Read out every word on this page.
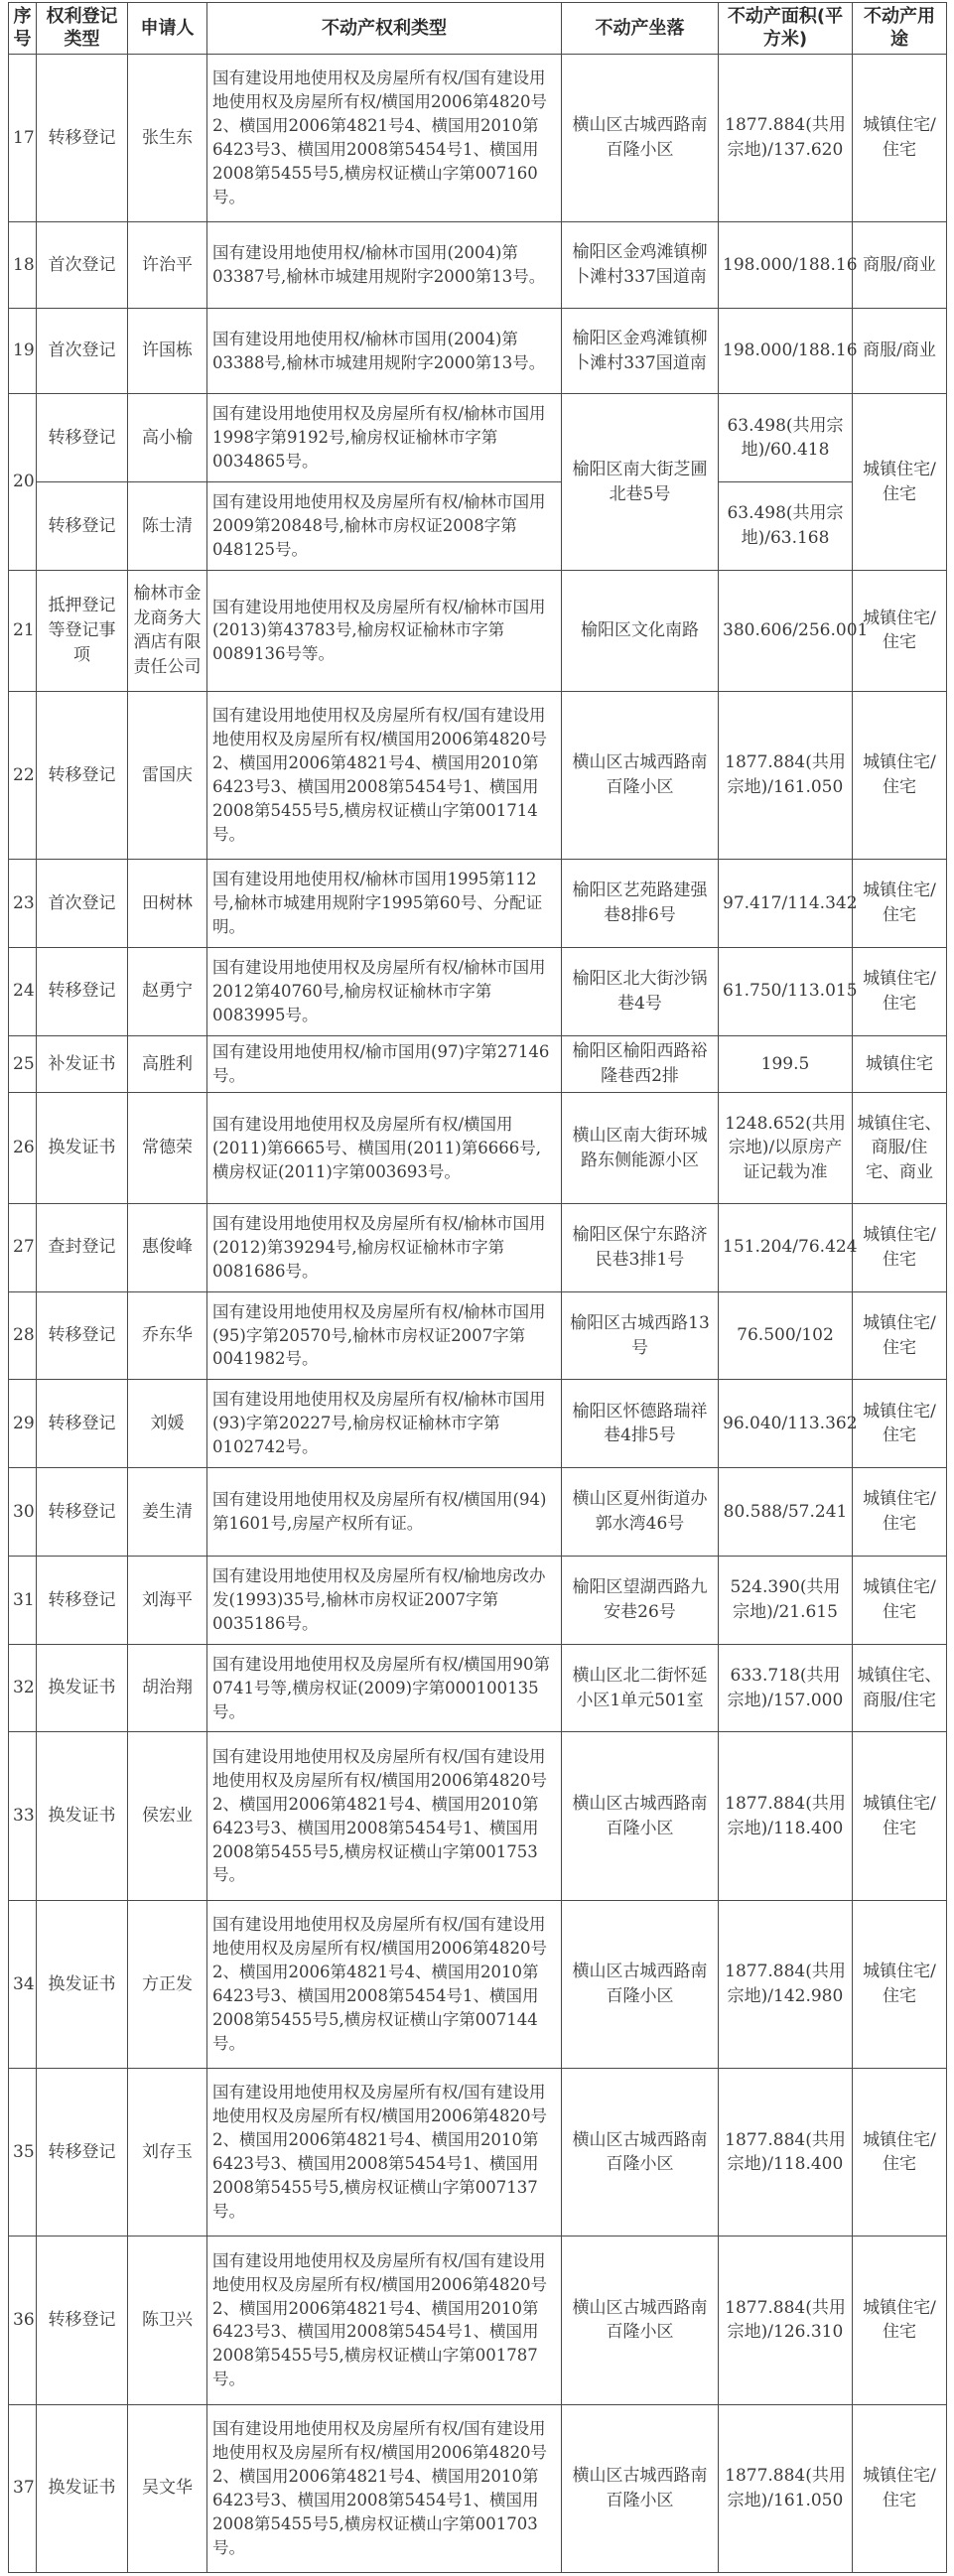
序号	权利登记类型	申请人	不动产权利类型	不动产坐落	不动产面积(平方米)	不动产用途
17	转移登记	张生东	国有建设用地使用权及房屋所有权/国有建设用地使用权及房屋所有权/横国用2006第4820号2、横国用2006第4821号4、横国用2010第6423号3、横国用2008第5454号1、横国用2008第5455号5,横房权证横山字第007160号。	横山区古城西路南百隆小区	1877.884(共用宗地)/137.620	城镇住宅/住宅
18	首次登记	许治平	国有建设用地使用权/榆林市国用(2004)第03387号,榆林市城建用规附字2000第13号。	榆阳区金鸡滩镇柳卜滩村337国道南	198.000/188.16	商服/商业
19	首次登记	许国栋	国有建设用地使用权/榆林市国用(2004)第03388号,榆林市城建用规附字2000第13号。	榆阳区金鸡滩镇柳卜滩村337国道南	198.000/188.16	商服/商业
20	转移登记	高小榆	国有建设用地使用权及房屋所有权/榆林市国用1998字第9192号,榆房权证榆林市字第0034865号。	榆阳区南大街芝圃北巷5号	63.498(共用宗地)/60.418	城镇住宅/住宅
	转移登记	陈士清	国有建设用地使用权及房屋所有权/榆林市国用2009第20848号,榆林市房权证2008字第048125号。		63.498(共用宗地)/63.168	
21	抵押登记等登记事项	榆林市金龙商务大酒店有限责任公司	国有建设用地使用权及房屋所有权/榆林市国用(2013)第43783号,榆房权证榆林市字第0089136号等。	榆阳区文化南路	380.606/256.001	城镇住宅/住宅
22	转移登记	雷国庆	国有建设用地使用权及房屋所有权/国有建设用地使用权及房屋所有权/横国用2006第4820号2、横国用2006第4821号4、横国用2010第6423号3、横国用2008第5454号1、横国用2008第5455号5,横房权证横山字第001714号。	横山区古城西路南百隆小区	1877.884(共用宗地)/161.050	城镇住宅/住宅
23	首次登记	田树林	国有建设用地使用权/榆林市国用1995第112号,榆林市城建用规附字1995第60号、分配证明。	榆阳区艺苑路建强巷8排6号	97.417/114.342	城镇住宅/住宅
24	转移登记	赵勇宁	国有建设用地使用权及房屋所有权/榆林市国用2012第40760号,榆房权证榆林市字第0083995号。	榆阳区北大街沙锅巷4号	61.750/113.015	城镇住宅/住宅
25	补发证书	高胜利	国有建设用地使用权/榆市国用(97)字第27146号。	榆阳区榆阳西路裕隆巷西2排	199.5	城镇住宅
26	换发证书	常德荣	国有建设用地使用权及房屋所有权/横国用(2011)第6665号、横国用(2011)第6666号,横房权证(2011)字第003693号。	横山区南大街环城路东侧能源小区	1248.652(共用宗地)/以原房产证记载为准	城镇住宅、商服/住宅、商业
27	查封登记	惠俊峰	国有建设用地使用权及房屋所有权/榆林市国用(2012)第39294号,榆房权证榆林市字第0081686号。	榆阳区保宁东路济民巷3排1号	151.204/76.424	城镇住宅/住宅
28	转移登记	乔东华	国有建设用地使用权及房屋所有权/榆林市国用(95)字第20570号,榆林市房权证2007字第0041982号。	榆阳区古城西路13号	76.500/102	城镇住宅/住宅
29	转移登记	刘媛	国有建设用地使用权及房屋所有权/榆林市国用(93)字第20227号,榆房权证榆林市字第0102742号。	榆阳区怀德路瑞祥巷4排5号	96.040/113.362	城镇住宅/住宅
30	转移登记	姜生清	国有建设用地使用权及房屋所有权/横国用(94)第1601号,房屋产权所有证。	横山区夏州街道办郭水湾46号	80.588/57.241	城镇住宅/住宅
31	转移登记	刘海平	国有建设用地使用权及房屋所有权/榆地房改办发(1993)35号,榆林市房权证2007字第0035186号。	榆阳区望湖西路九安巷26号	524.390(共用宗地)/21.615	城镇住宅/住宅
32	换发证书	胡治翔	国有建设用地使用权及房屋所有权/横国用90第0741号等,横房权证(2009)字第000100135号。	横山区北二街怀延小区1单元501室	633.718(共用宗地)/157.000	城镇住宅、商服/住宅
33	换发证书	侯宏业	国有建设用地使用权及房屋所有权/国有建设用地使用权及房屋所有权/横国用2006第4820号2、横国用2006第4821号4、横国用2010第6423号3、横国用2008第5454号1、横国用2008第5455号5,横房权证横山字第001753号。	横山区古城西路南百隆小区	1877.884(共用宗地)/118.400	城镇住宅/住宅
34	换发证书	方正发	国有建设用地使用权及房屋所有权/国有建设用地使用权及房屋所有权/横国用2006第4820号2、横国用2006第4821号4、横国用2010第6423号3、横国用2008第5454号1、横国用2008第5455号5,横房权证横山字第007144号。	横山区古城西路南百隆小区	1877.884(共用宗地)/142.980	城镇住宅/住宅
35	转移登记	刘存玉	国有建设用地使用权及房屋所有权/国有建设用地使用权及房屋所有权/横国用2006第4820号2、横国用2006第4821号4、横国用2010第6423号3、横国用2008第5454号1、横国用2008第5455号5,横房权证横山字第007137号。	横山区古城西路南百隆小区	1877.884(共用宗地)/118.400	城镇住宅/住宅
36	转移登记	陈卫兴	国有建设用地使用权及房屋所有权/国有建设用地使用权及房屋所有权/横国用2006第4820号2、横国用2006第4821号4、横国用2010第6423号3、横国用2008第5454号1、横国用2008第5455号5,横房权证横山字第001787号。	横山区古城西路南百隆小区	1877.884(共用宗地)/126.310	城镇住宅/住宅
37	换发证书	吴文华	国有建设用地使用权及房屋所有权/国有建设用地使用权及房屋所有权/横国用2006第4820号2、横国用2006第4821号4、横国用2010第6423号3、横国用2008第5454号1、横国用2008第5455号5,横房权证横山字第001703号。	横山区古城西路南百隆小区	1877.884(共用宗地)/161.050	城镇住宅/住宅
